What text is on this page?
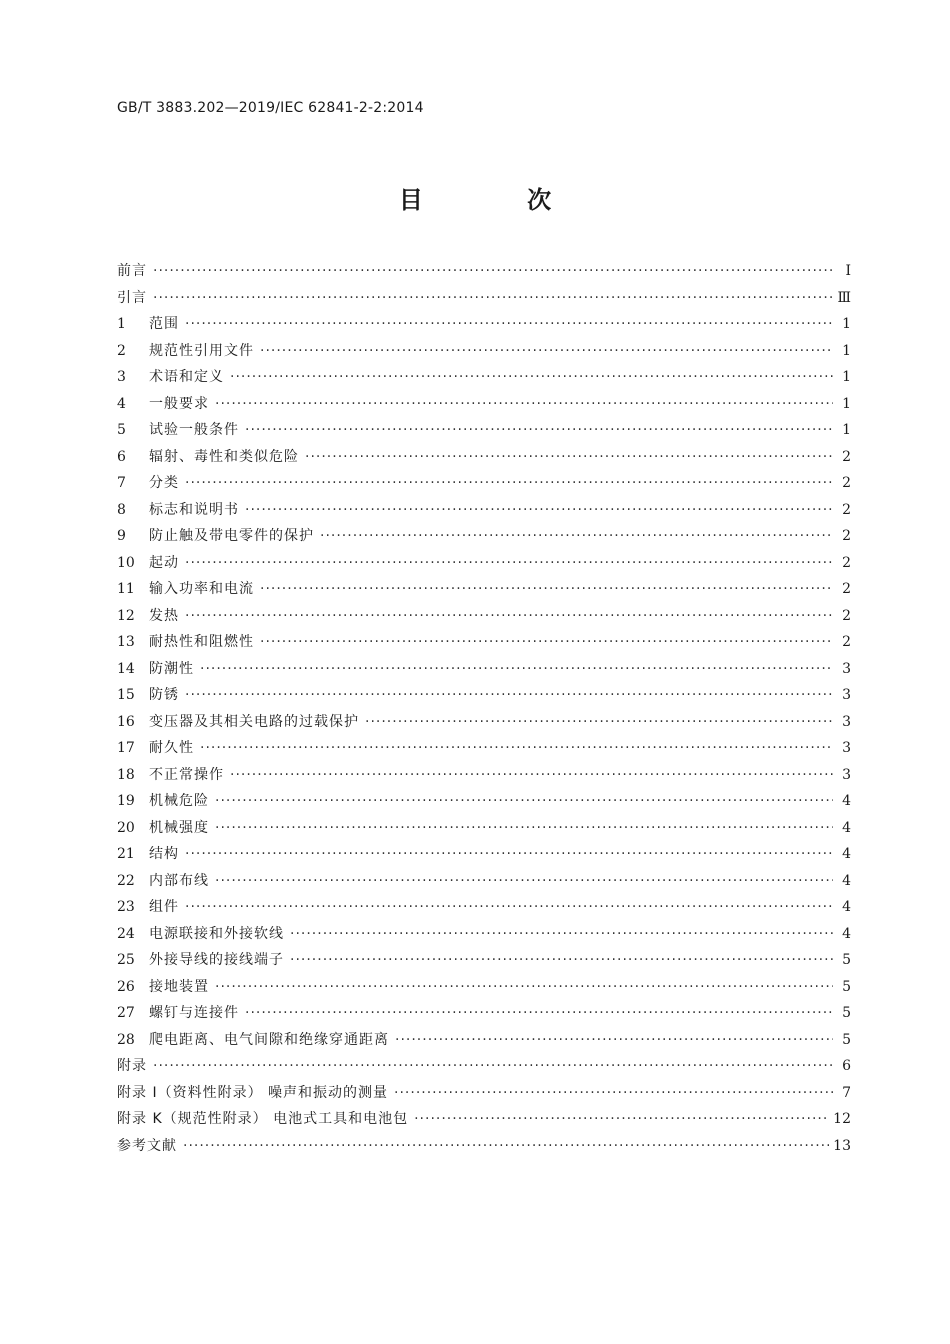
GB/T 3883.202—2019/IEC 62841-2-2:2014
目 次
前言 ·····	Ⅰ
引言 ·····	Ⅲ
1	范围 ·····	1
2	规范性引用文件 ·····	1
3	术语和定义 ·····	1
4	一般要求 ·····	1
5	试验一般条件 ·····	1
6	辐射、毒性和类似危险 ·····	2
7	分类 ·····	2
8	标志和说明书 ·····	2
9	防止触及带电零件的保护 ·····	2
10	起动 ·····	2
11	输入功率和电流 ·····	2
12	发热 ·····	2
13	耐热性和阻燃性 ·····	2
14	防潮性 ·····	3
15	防锈 ·····	3
16	变压器及其相关电路的过载保护 ·····	3
17	耐久性 ·····	3
18	不正常操作 ·····	3
19	机械危险 ·····	4
20	机械强度 ·····	4
21	结构 ·····	4
22	内部布线 ·····	4
23	组件 ·····	4
24	电源联接和外接软线 ·····	4
25	外接导线的接线端子 ·····	5
26	接地装置 ·····	5
27	螺钉与连接件 ·····	5
28	爬电距离、电气间隙和绝缘穿通距离 ·····	5
附录 ·····	6
附录 I（资料性附录） 噪声和振动的测量 ·····	7
附录 K（规范性附录） 电池式工具和电池包 ·····	12
参考文献 ·····	13
